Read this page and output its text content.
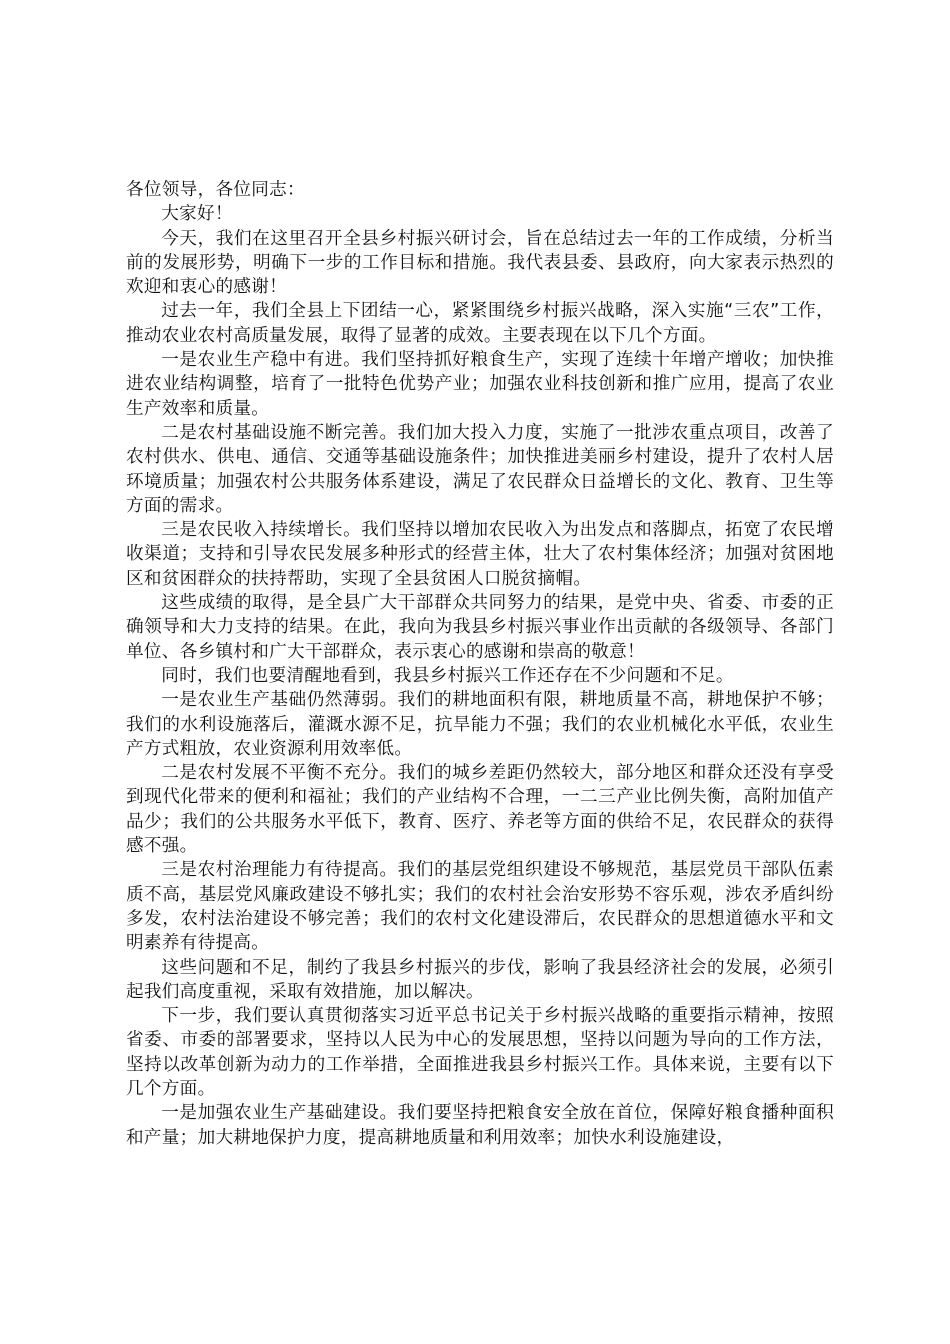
各位领导，各位同志：

大家好！

今天，我们在这里召开全县乡村振兴研讨会，旨在总结过去一年的工作成绩，分析当前的发展形势，明确下一步的工作目标和措施。我代表县委、县政府，向大家表示热烈的欢迎和衷心的感谢！

过去一年，我们全县上下团结一心，紧紧围绕乡村振兴战略，深入实施“三农”工作，推动农业农村高质量发展，取得了显著的成效。主要表现在以下几个方面。

一是农业生产稳中有进。我们坚持抓好粮食生产，实现了连续十年增产增收；加快推进农业结构调整，培育了一批特色优势产业；加强农业科技创新和推广应用，提高了农业生产效率和质量。

二是农村基础设施不断完善。我们加大投入力度，实施了一批涉农重点项目，改善了农村供水、供电、通信、交通等基础设施条件；加快推进美丽乡村建设，提升了农村人居环境质量；加强农村公共服务体系建设，满足了农民群众日益增长的文化、教育、卫生等方面的需求。

三是农民收入持续增长。我们坚持以增加农民收入为出发点和落脚点，拓宽了农民增收渠道；支持和引导农民发展多种形式的经营主体，壮大了农村集体经济；加强对贫困地区和贫困群众的扶持帮助，实现了全县贫困人口脱贫摘帽。

这些成绩的取得，是全县广大干部群众共同努力的结果，是党中央、省委、市委的正确领导和大力支持的结果。在此，我向为我县乡村振兴事业作出贡献的各级领导、各部门单位、各乡镇村和广大干部群众，表示衷心的感谢和崇高的敬意！

同时，我们也要清醒地看到，我县乡村振兴工作还存在不少问题和不足。

一是农业生产基础仍然薄弱。我们的耕地面积有限，耕地质量不高，耕地保护不够；我们的水利设施落后，灌溉水源不足，抗旱能力不强；我们的农业机械化水平低，农业生产方式粗放，农业资源利用效率低。

二是农村发展不平衡不充分。我们的城乡差距仍然较大，部分地区和群众还没有享受到现代化带来的便利和福祉；我们的产业结构不合理，一二三产业比例失衡，高附加值产品少；我们的公共服务水平低下，教育、医疗、养老等方面的供给不足，农民群众的获得感不强。

三是农村治理能力有待提高。我们的基层党组织建设不够规范，基层党员干部队伍素质不高，基层党风廉政建设不够扎实；我们的农村社会治安形势不容乐观，涉农矛盾纠纷多发，农村法治建设不够完善；我们的农村文化建设滞后，农民群众的思想道德水平和文明素养有待提高。

这些问题和不足，制约了我县乡村振兴的步伐，影响了我县经济社会的发展，必须引起我们高度重视，采取有效措施，加以解决。

下一步，我们要认真贯彻落实习近平总书记关于乡村振兴战略的重要指示精神，按照省委、市委的部署要求，坚持以人民为中心的发展思想，坚持以问题为导向的工作方法，坚持以改革创新为动力的工作举措，全面推进我县乡村振兴工作。具体来说，主要有以下几个方面。

一是加强农业生产基础建设。我们要坚持把粮食安全放在首位，保障好粮食播种面积和产量；加大耕地保护力度，提高耕地质量和利用效率；加快水利设施建设，
